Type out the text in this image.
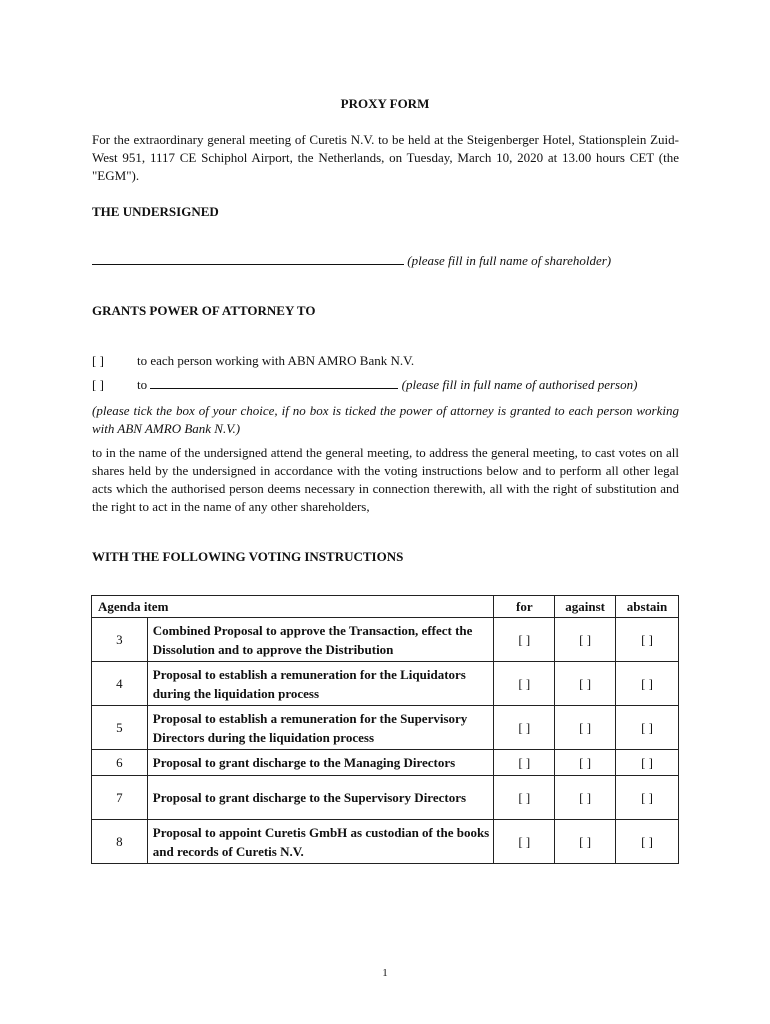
PROXY FORM
For the extraordinary general meeting of Curetis N.V. to be held at the Steigenberger Hotel, Stationsplein Zuid-West 951, 1117 CE Schiphol Airport, the Netherlands, on Tuesday, March 10, 2020 at 13.00 hours CET (the "EGM").
THE UNDERSIGNED
(please fill in full name of shareholder)
GRANTS POWER OF ATTORNEY TO
[ ]	to each person working with ABN AMRO Bank N.V.
[ ]	to	(please fill in full name of authorised person)
(please tick the box of your choice, if no box is ticked the power of attorney is granted to each person working with ABN AMRO Bank N.V.)
to in the name of the undersigned attend the general meeting, to address the general meeting, to cast votes on all shares held by the undersigned in accordance with the voting instructions below and to perform all other legal acts which the authorised person deems necessary in connection therewith, all with the right of substitution and the right to act in the name of any other shareholders,
WITH THE FOLLOWING VOTING INSTRUCTIONS
Agenda item		for	against	abstain
3	Combined Proposal to approve the Transaction, effect the Dissolution and to approve the Distribution	[ ]	[ ]	[ ]
4	Proposal to establish a remuneration for the Liquidators during the liquidation process	[ ]	[ ]	[ ]
5	Proposal to establish a remuneration for the Supervisory Directors during the liquidation process	[ ]	[ ]	[ ]
6	Proposal to grant discharge to the Managing Directors	[ ]	[ ]	[ ]
7	Proposal to grant discharge to the Supervisory Directors	[ ]	[ ]	[ ]
8	Proposal to appoint Curetis GmbH as custodian of the books and records of Curetis N.V.	[ ]	[ ]	[ ]
1
